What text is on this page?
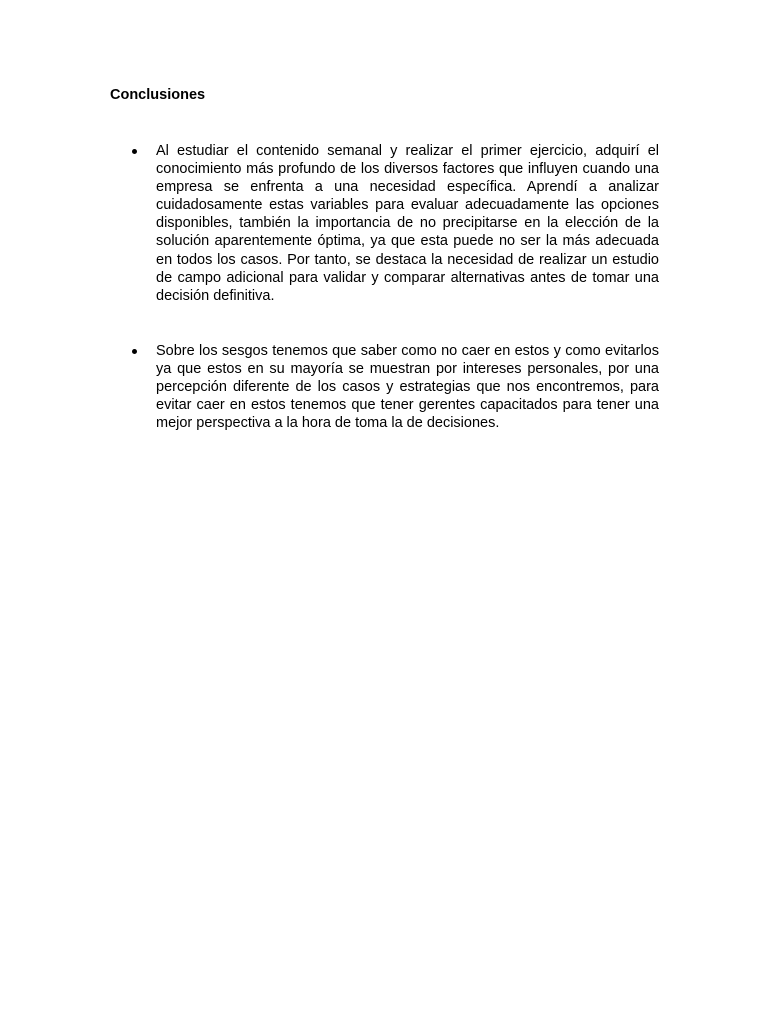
Conclusiones
Al estudiar el contenido semanal y realizar el primer ejercicio, adquirí el conocimiento más profundo de los diversos factores que influyen cuando una empresa se enfrenta a una necesidad específica. Aprendí a analizar cuidadosamente estas variables para evaluar adecuadamente las opciones disponibles, también la importancia de no precipitarse en la elección de la solución aparentemente óptima, ya que esta puede no ser la más adecuada en todos los casos. Por tanto, se destaca la necesidad de realizar un estudio de campo adicional para validar y comparar alternativas antes de tomar una decisión definitiva.
Sobre los sesgos tenemos que saber como no caer en estos y como evitarlos ya que estos en su mayoría se muestran por intereses personales, por una percepción diferente de los casos y estrategias que nos encontremos, para evitar caer en estos tenemos que tener gerentes capacitados para tener una mejor perspectiva a la hora de toma la de decisiones.
